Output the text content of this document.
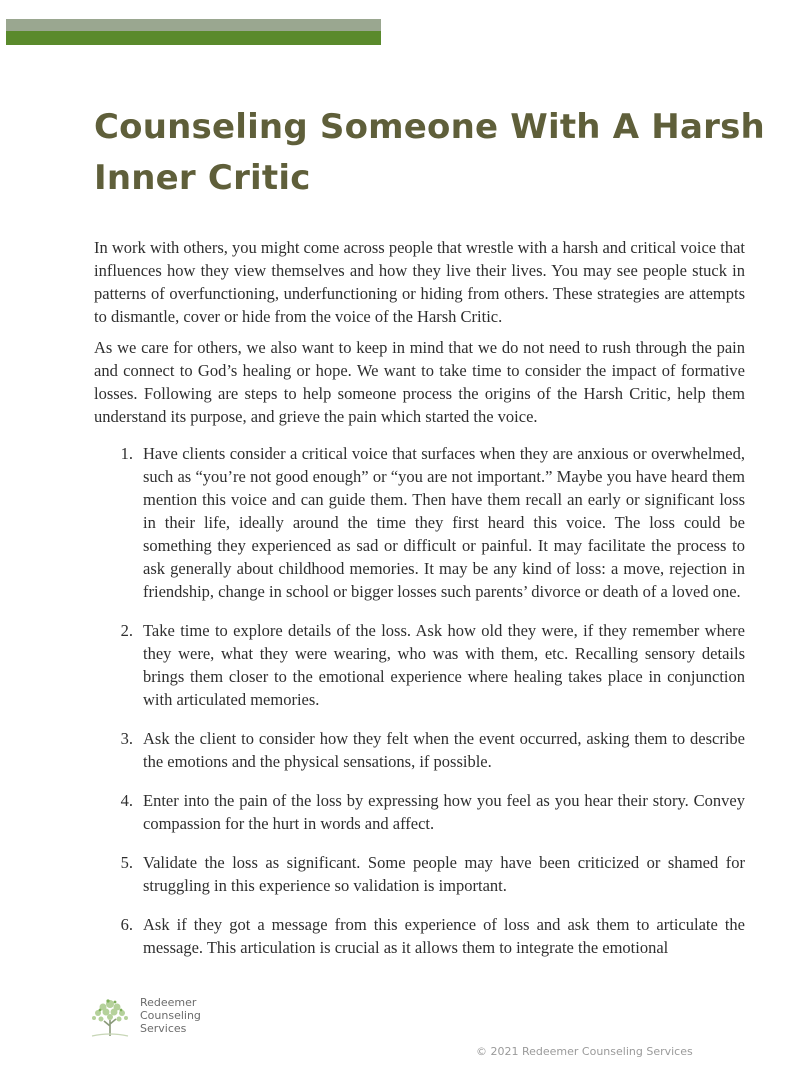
Counseling Someone With A Harsh Inner Critic

In work with others, you might come across people that wrestle with a harsh and critical voice that influences how they view themselves and how they live their lives. You may see people stuck in patterns of overfunctioning, underfunctioning or hiding from others. These strategies are attempts to dismantle, cover or hide from the voice of the Harsh Critic.

As we care for others, we also want to keep in mind that we do not need to rush through the pain and connect to God’s healing or hope. We want to take time to consider the impact of formative losses. Following are steps to help someone process the origins of the Harsh Critic, help them understand its purpose, and grieve the pain which started the voice.

1. Have clients consider a critical voice that surfaces when they are anxious or overwhelmed, such as “you’re not good enough” or “you are not important.” Maybe you have heard them mention this voice and can guide them. Then have them recall an early or significant loss in their life, ideally around the time they first heard this voice. The loss could be something they experienced as sad or difficult or painful. It may facilitate the process to ask generally about childhood memories. It may be any kind of loss: a move, rejection in friendship, change in school or bigger losses such parents’ divorce or death of a loved one.
2. Take time to explore details of the loss. Ask how old they were, if they remember where they were, what they were wearing, who was with them, etc. Recalling sensory details brings them closer to the emotional experience where healing takes place in conjunction with articulated memories.
3. Ask the client to consider how they felt when the event occurred, asking them to describe the emotions and the physical sensations, if possible.
4. Enter into the pain of the loss by expressing how you feel as you hear their story. Convey compassion for the hurt in words and affect.
5. Validate the loss as significant. Some people may have been criticized or shamed for struggling in this experience so validation is important.
6. Ask if they got a message from this experience of loss and ask them to articulate the message. This articulation is crucial as it allows them to integrate the emotional
Redeemer
Counseling
Services
© 2021 Redeemer Counseling Services
